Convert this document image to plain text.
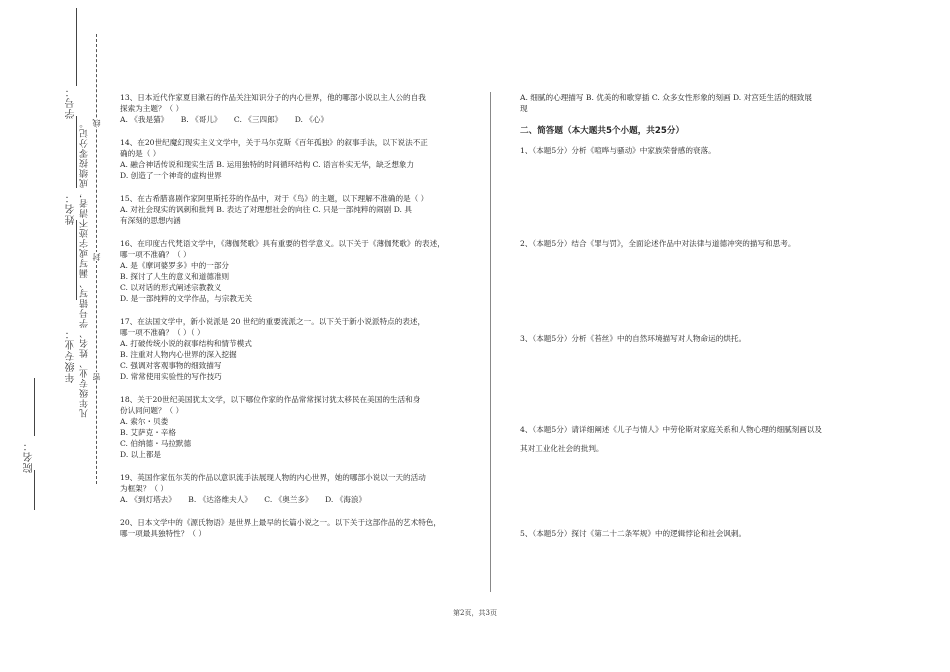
学号：
姓名：
年级专业：
院名：
凡年级专业、姓名、学号错写、漏写或字迹不清者，成绩按零分记。 线
封
密

13、日本近代作家夏目漱石的作品关注知识分子的内心世界，他的哪部小说以主人公的自我

探索为主题？（ ）

A. 《我是猫》 B. 《哥儿》 C. 《三四郎》 D. 《心》

14、在20世纪魔幻现实主义文学中，关于马尔克斯《百年孤独》的叙事手法，以下说法不正

确的是（ ）

A. 融合神话传说和现实生活 B. 运用独特的时间循环结构 C. 语言朴实无华，缺乏想象力

D. 创造了一个神奇的虚构世界

15、在古希腊喜剧作家阿里斯托芬的作品中，对于《鸟》的主题，以下理解不准确的是（ ）

A. 对社会现实的讽刺和批判 B. 表达了对理想社会的向往 C. 只是一部纯粹的闹剧 D. 具

有深刻的思想内涵

16、在印度古代梵语文学中，《薄伽梵歌》具有重要的哲学意义。以下关于《薄伽梵歌》的表述，

哪一项不准确？（ ）

A. 是《摩诃婆罗多》中的一部分

B. 探讨了人生的意义和道德准则

C. 以对话的形式阐述宗教教义

D. 是一部纯粹的文学作品，与宗教无关

17、在法国文学中，新小说派是 20 世纪的重要流派之一。以下关于新小说派特点的表述，

哪一项不准确？（ ）（ ）

A. 打破传统小说的叙事结构和情节模式

B. 注重对人物内心世界的深入挖掘

C. 强调对客观事物的细致描写

D. 常常使用实验性的写作技巧

18、关于20世纪美国犹太文学，以下哪位作家的作品常常探讨犹太移民在美国的生活和身

份认同问题？（ ）

A. 索尔・贝娄

B. 艾萨克・辛格

C. 伯纳德・马拉默德

D. 以上都是

19、英国作家伍尔芙的作品以意识流手法展现人物的内心世界，她的哪部小说以一天的活动

为框架？（ ）

A. 《到灯塔去》 B. 《达洛维夫人》 C. 《奥兰多》 D. 《海浪》

20、日本文学中的《源氏物语》是世界上最早的长篇小说之一。以下关于这部作品的艺术特色，

哪一项最具独特性？（ ）

A. 细腻的心理描写 B. 优美的和歌穿插 C. 众多女性形象的刻画 D. 对宫廷生活的细致展

现

二、简答题（本大题共5个小题，共25分）

1、（本题5分）分析《喧哗与骚动》中家族荣誉感的衰落。

2、（本题5分）结合《罪与罚》，全面论述作品中对法律与道德冲突的描写和思考。

3、（本题5分）分析《苔丝》中的自然环境描写对人物命运的烘托。

4、（本题5分）请详细阐述《儿子与情人》中劳伦斯对家庭关系和人物心理的细腻刻画以及

其对工业化社会的批判。

5、（本题5分）探讨《第二十二条军规》中的逻辑悖论和社会讽刺。

第2页，共3页
